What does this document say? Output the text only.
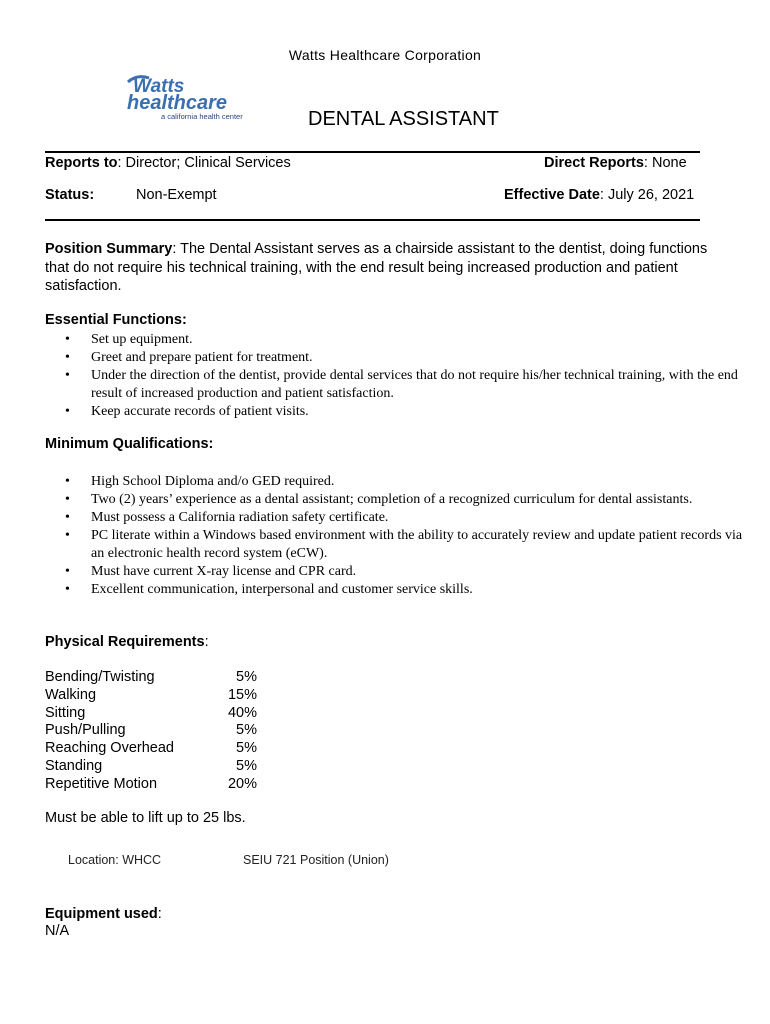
Watts Healthcare Corporation
Watts
healthcare
a california health center	DENTAL ASSISTANT
Reports to: Director; Clinical Services	Direct Reports: None
Status:	Non-Exempt	Effective Date: July 26, 2021
Position Summary: The Dental Assistant serves as a chairside assistant to the dentist, doing functions that do not require his technical training, with the end result being increased production and patient satisfaction.
Essential Functions:
• Set up equipment.
• Greet and prepare patient for treatment.
• Under the direction of the dentist, provide dental services that do not require his/her technical training, with the end result of increased production and patient satisfaction.
• Keep accurate records of patient visits.
Minimum Qualifications:
• High School Diploma and/o GED required.
• Two (2) years’ experience as a dental assistant; completion of a recognized curriculum for dental assistants.
• Must possess a California radiation safety certificate.
• PC literate within a Windows based environment with the ability to accurately review and update patient records via an electronic health record system (eCW).
• Must have current X-ray license and CPR card.
• Excellent communication, interpersonal and customer service skills.
Physical Requirements:
Bending/Twisting	5%
Walking	15%
Sitting	40%
Push/Pulling	5%
Reaching Overhead	5%
Standing	5%
Repetitive Motion	20%
Must be able to lift up to 25 lbs.
Location: WHCC	SEIU 721 Position (Union)
Equipment used:
N/A
